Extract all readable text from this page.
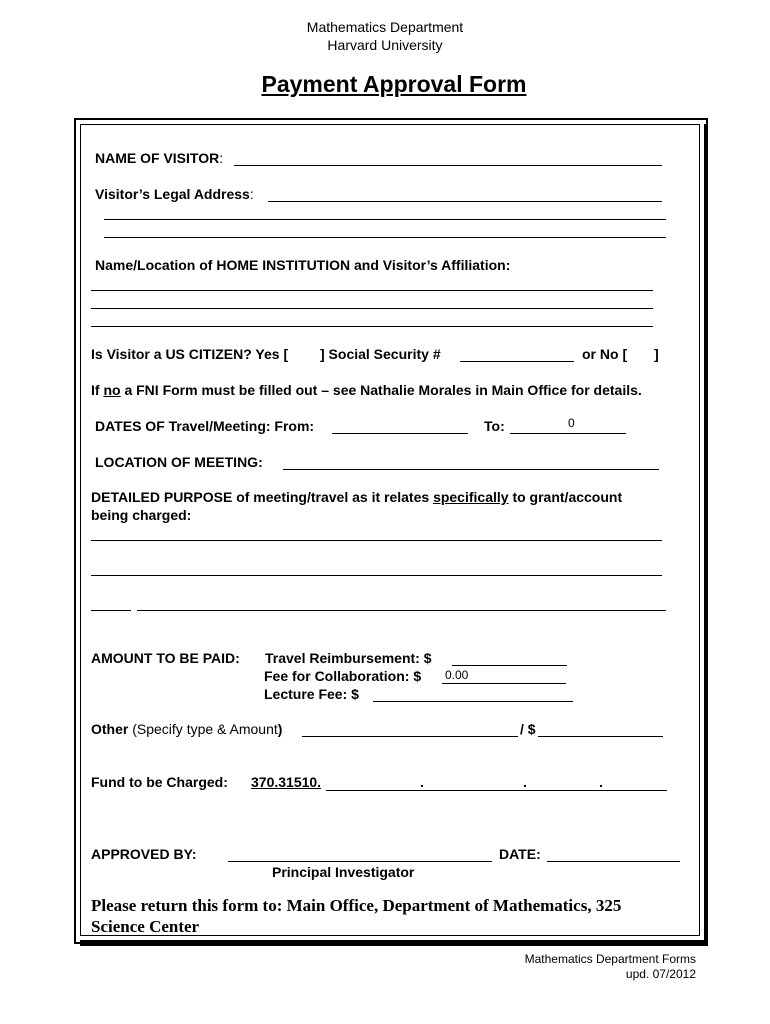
Mathematics Department
Harvard University
Payment Approval Form
NAME OF VISITOR:
Visitor’s Legal Address:
Name/Location of HOME INSTITUTION and Visitor’s Affiliation:
Is Visitor a US CITIZEN? Yes [ ] Social Security #	or No [ ]
If no a FNI Form must be filled out – see Nathalie Morales in Main Office for details.
DATES OF Travel/Meeting: From:	To:	0
LOCATION OF MEETING:
DETAILED PURPOSE of meeting/travel as it relates specifically to grant/account
being charged:
AMOUNT TO BE PAID: Travel Reimbursement: $
Fee for Collaboration: $ 0.00
Lecture Fee: $
Other (Specify type & Amount)	/ $
Fund to be Charged: 370.31510.	.	.	.
APPROVED BY:
Principal Investigator
DATE:
Please return this form to: Main Office, Department of Mathematics, 325
Science Center
Mathematics Department Forms
upd. 07/2012
